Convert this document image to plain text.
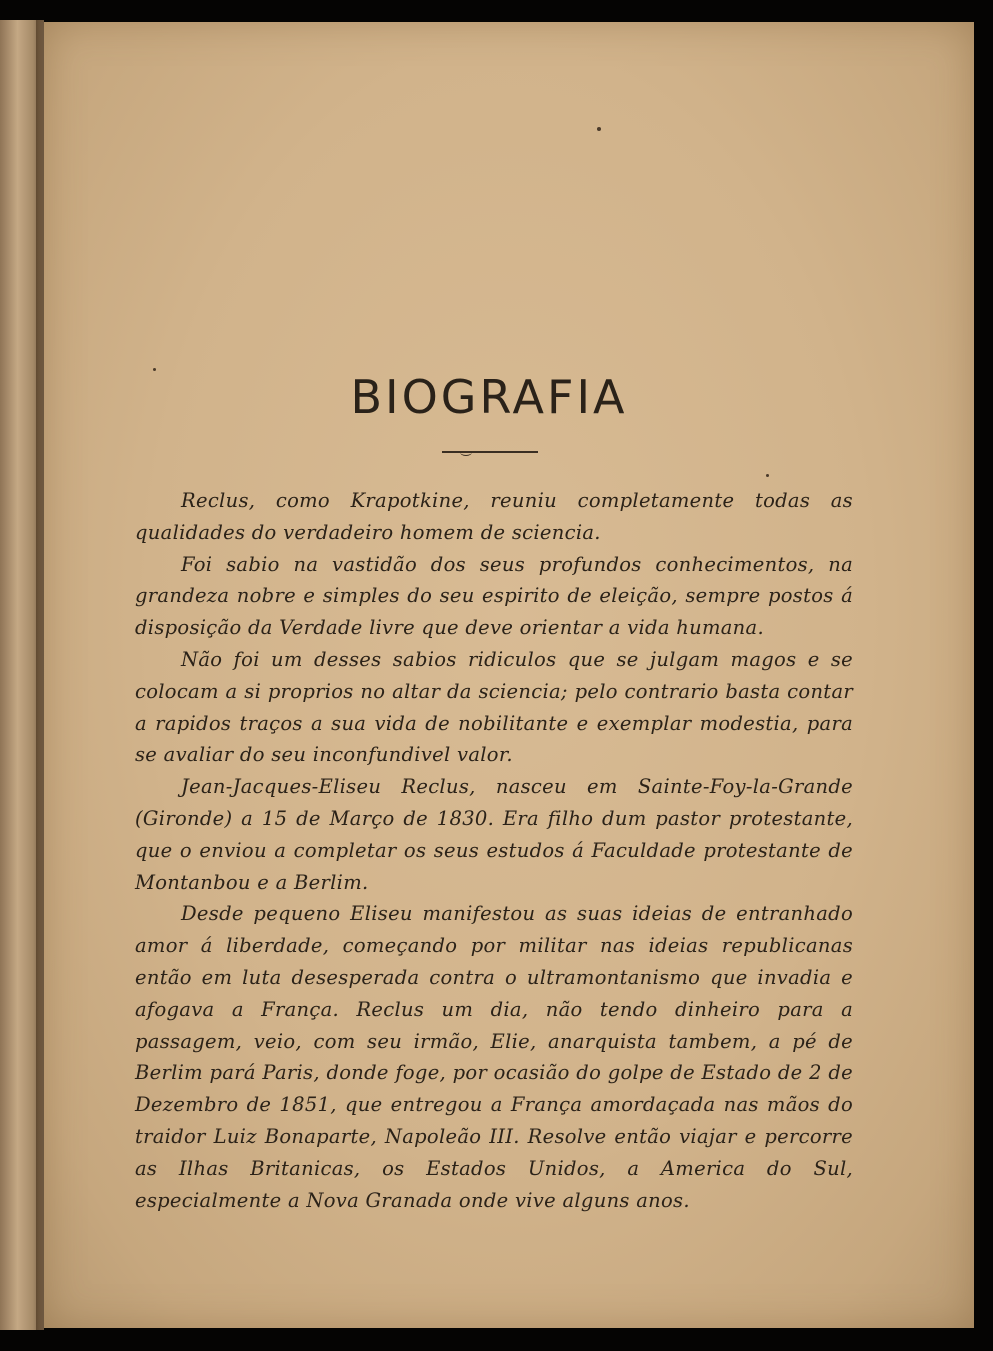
BIOGRAFIA

Reclus, como Krapotkine, reuniu completamente todas as qualidades do verdadeiro homem de sciencia.

Foi sabio na vastidão dos seus profundos conhecimentos, na grandeza nobre e simples do seu espirito de eleição, sempre postos á disposição da Verdade livre que deve orientar a vida humana.

Não foi um desses sabios ridiculos que se julgam magos e se colocam a si proprios no altar da sciencia; pelo contrario basta contar a rapidos traços a sua vida de nobilitante e exemplar modestia, para se avaliar do seu inconfundivel valor.

Jean-Jacques-Eliseu Reclus, nasceu em Sainte-Foy-la-Grande (Gironde) a 15 de Março de 1830. Era filho dum pastor protestante, que o enviou a completar os seus estudos á Faculdade protestante de Montanbou e a Berlim.

Desde pequeno Eliseu manifestou as suas ideias de entranhado amor á liberdade, começando por militar nas ideias republicanas então em luta desesperada contra o ultramontanismo que invadia e afogava a França. Reclus um dia, não tendo dinheiro para a passagem, veio, com seu irmão, Elie, anarquista tambem, a pé de Berlim pará Paris, donde foge, por ocasião do golpe de Estado de 2 de Dezembro de 1851, que entregou a França amordaçada nas mãos do traidor Luiz Bonaparte, Napoleão III. Resolve então viajar e percorre as Ilhas Britanicas, os Estados Unidos, a America do Sul, especialmente a Nova Granada onde vive alguns anos.
